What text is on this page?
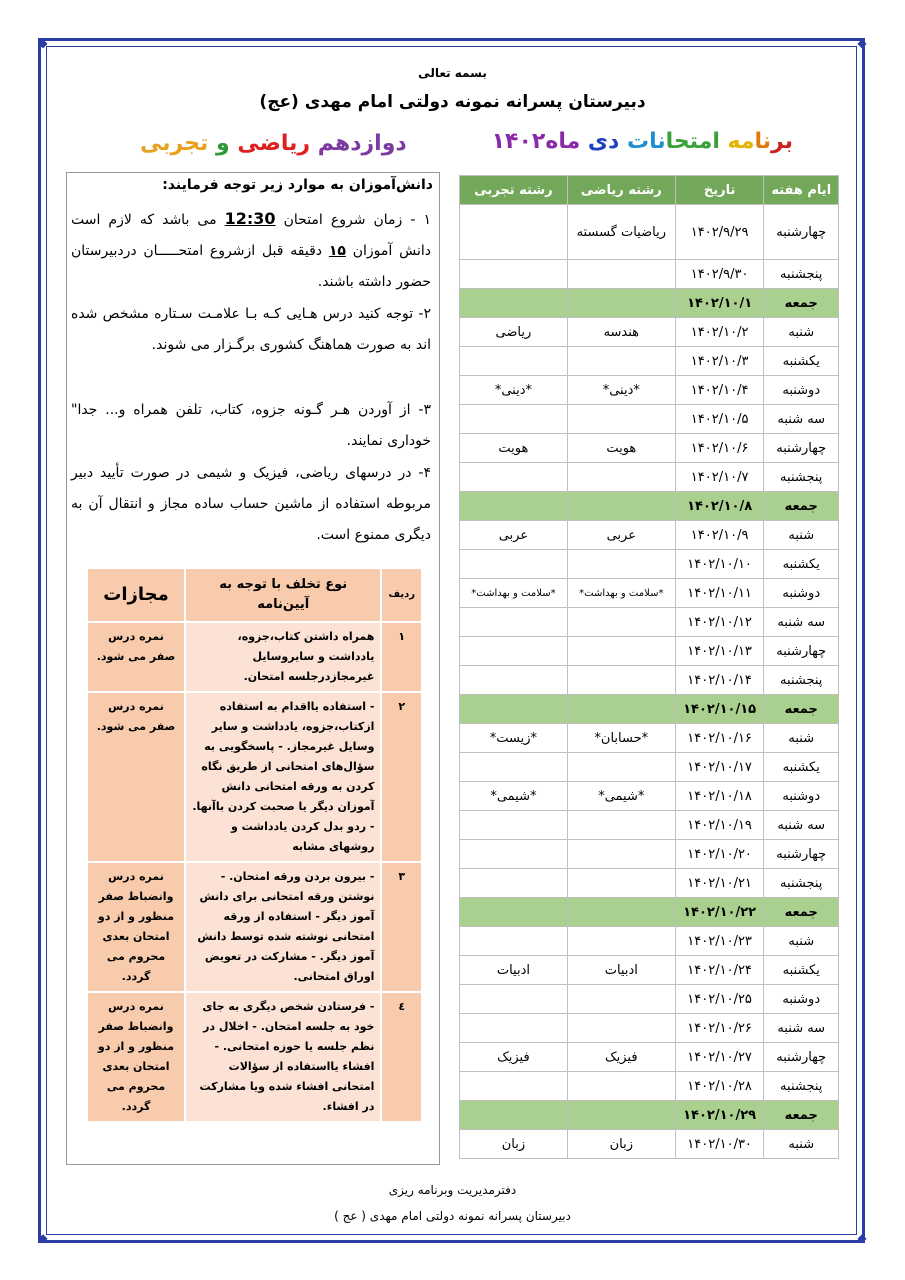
◆	◆
◆	◆
بسمه تعالی
دبیرستان پسرانه نمونه دولتی امام مهدی (عج)
دوازدهم ریاضی و تجربی	برنامه امتحانات دی ماه۱۴۰۲
ایام هفته	تاریخ	رشته ریاضی	رشته تجربی
چهارشنبه	۱۴۰۲/۹/۲۹	ریاضیات گسسته	
پنجشنبه	۱۴۰۲/۹/۳۰		
جمعه	۱۴۰۲/۱۰/۱		
شنبه	۱۴۰۲/۱۰/۲	هندسه	ریاضی
یکشنبه	۱۴۰۲/۱۰/۳		
دوشنبه	۱۴۰۲/۱۰/۴	*دینی*	*دینی*
سه شنبه	۱۴۰۲/۱۰/۵		
چهارشنبه	۱۴۰۲/۱۰/۶	هویت	هویت
پنجشنبه	۱۴۰۲/۱۰/۷		
جمعه	۱۴۰۲/۱۰/۸		
شنبه	۱۴۰۲/۱۰/۹	عربی	عربی
یکشنبه	۱۴۰۲/۱۰/۱۰		
دوشنبه	۱۴۰۲/۱۰/۱۱	*سلامت و بهداشت*	*سلامت و بهداشت*
سه شنبه	۱۴۰۲/۱۰/۱۲		
چهارشنبه	۱۴۰۲/۱۰/۱۳		
پنجشنبه	۱۴۰۲/۱۰/۱۴		
جمعه	۱۴۰۲/۱۰/۱۵		
شنبه	۱۴۰۲/۱۰/۱۶	*حسابان*	*زیست*
یکشنبه	۱۴۰۲/۱۰/۱۷		
دوشنبه	۱۴۰۲/۱۰/۱۸	*شیمی*	*شیمی*
سه شنبه	۱۴۰۲/۱۰/۱۹		
چهارشنبه	۱۴۰۲/۱۰/۲۰		
پنجشنبه	۱۴۰۲/۱۰/۲۱		
جمعه	۱۴۰۲/۱۰/۲۲		
شنبه	۱۴۰۲/۱۰/۲۳		
یکشنبه	۱۴۰۲/۱۰/۲۴	ادبیات	ادبیات
دوشنبه	۱۴۰۲/۱۰/۲۵		
سه شنبه	۱۴۰۲/۱۰/۲۶		
چهارشنبه	۱۴۰۲/۱۰/۲۷	فیزیک	فیزیک
پنجشنبه	۱۴۰۲/۱۰/۲۸		
جمعه	۱۴۰۲/۱۰/۲۹		
شنبه	۱۴۰۲/۱۰/۳۰	زبان	زبان
دانش‌آموزان به موارد زیر توجه فرمایند:
۱ - زمان شروع امتحان 12:30 می باشد که لازم است دانش آموزان ۱۵ دقیقه قبل ازشروع امتحـــــان دردبیرستان حضور داشته باشند.
۲- توجه کنید درس هـایی کـه بـا علامـت سـتاره مشخص شده اند به صورت هماهنگ کشوری برگـزار می شوند.
۳- از آوردن هـر گـونه جزوه، کتاب، تلفن همراه و... جدا" خوداری نمایند.
۴- در درسهای ریاضی، فیزیک و شیمی در صورت تأیید دبیر مربوطه استفاده از ماشین حساب ساده مجاز و انتقال آن به دیگری ممنوع است.
ردیف	نوع تخلف با توجه به آیین‌نامه	مجازات
۱	همراه داشتن کتاب،جزوه، یادداشت و سایروسایل غیرمجازدرجلسه امتحان.	نمره درس صفر می شود.
۲	- استفاده یااقدام به استفاده ازکتاب،جزوه، یادداشت و سایر وسایل غیرمجاز. - پاسخگویی به سؤال‌های امتحانی از طریق نگاه کردن به ورقه امتحانی دانش آموزان دیگر یا صحبت کردن باآنها. - ردو بدل کردن یادداشت و روشهای مشابه	نمره درس صفر می شود.
۳	- بیرون بردن ورقه امتحان. - نوشتن ورقه امتحانی برای دانش آموز دیگر - استفاده از ورقه امتحانی نوشته شده توسط دانش آموز دیگر. - مشارکت در تعویض اوراق امتحانی.	نمره درس وانضباط صفر منظور و از دو امتحان بعدی محروم می گردد.
٤	- فرستادن شخص دیگری به جای خود به جلسه امتحان. - اخلال در نظم جلسه یا حوزه امتحانی. - افشاء یااستفاده از سؤالات امتحانی افشاء شده ویا مشارکت در افشاء.	نمره درس وانضباط صفر منظور و از دو امتحان بعدی محروم می گردد.
دفترمدیریت وبرنامه ریزی
دبیرستان پسرانه نمونه دولتی امام مهدی ( عج )
